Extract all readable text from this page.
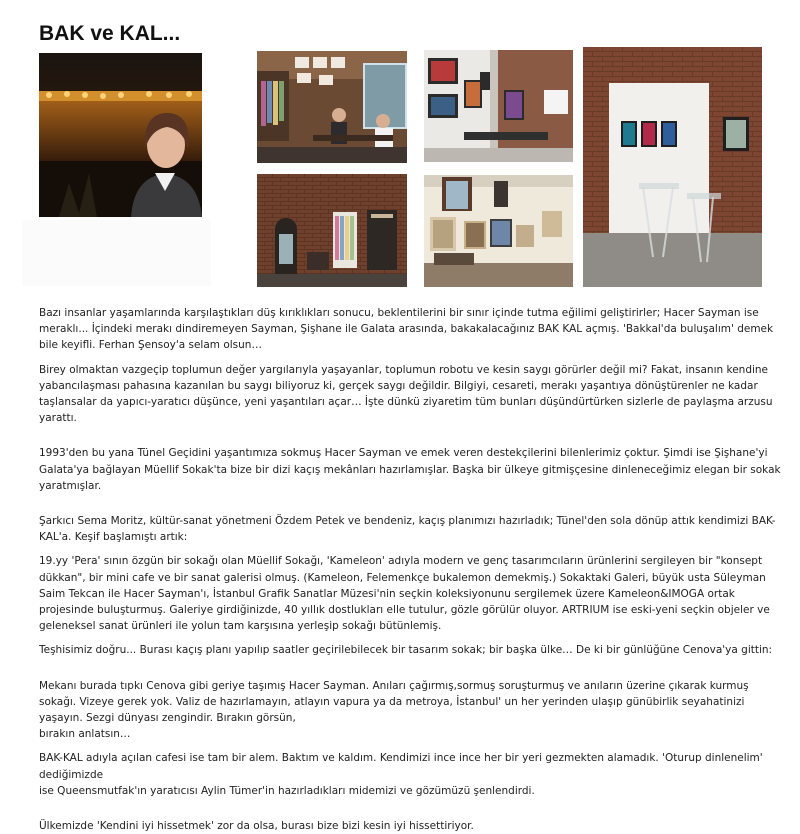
BAK ve KAL...

Bazı insanlar yaşamlarında karşılaştıkları düş kırıklıkları sonucu, beklentilerini bir sınır içinde tutma eğilimi geliştirirler; Hacer Sayman ise meraklı... İçindeki merakı dindiremeyen Sayman, Şişhane ile Galata arasında, bakakalacağınız BAK KAL açmış. 'Bakkal'da buluşalım' demek bile keyifli. Ferhan Şensoy'a selam olsun…

Birey olmaktan vazgeçip toplumun değer yargılarıyla yaşayanlar, toplumun robotu ve kesin saygı görürler değil mi? Fakat, insanın kendine yabancılaşması pahasına kazanılan bu saygı biliyoruz ki, gerçek saygı değildir. Bilgiyi, cesareti, merakı yaşantıya dönüştürenler ne kadar taşlansalar da yapıcı-yaratıcı düşünce, yeni yaşantıları açar… İşte dünkü ziyaretim tüm bunları düşündürtürken sizlerle de paylaşma arzusu yarattı.

1993'den bu yana Tünel Geçidini yaşantımıza sokmuş Hacer Sayman ve emek veren destekçilerini bilenlerimiz çoktur. Şimdi ise Şişhane'yi Galata'ya bağlayan Müellif Sokak'ta bize bir dizi kaçış mekânları hazırlamışlar. Başka bir ülkeye gitmişçesine dinleneceğimiz elegan bir sokak yaratmışlar.

Şarkıcı Sema Moritz, kültür-sanat yönetmeni Özdem Petek ve bendeniz, kaçış planımızı hazırladık; Tünel'den sola dönüp attık kendimizi BAK-KAL'a. Keşif başlamıştı artık:

19.yy 'Pera' sının özgün bir sokağı olan Müellif Sokağı, 'Kameleon' adıyla modern ve genç tasarımcıların ürünlerini sergileyen bir "konsept dükkan", bir mini cafe ve bir sanat galerisi olmuş. (Kameleon, Felemenkçe bukalemon demekmiş.) Sokaktaki Galeri, büyük usta Süleyman Saim Tekcan ile Hacer Sayman'ı, İstanbul Grafik Sanatlar Müzesi'nin seçkin koleksiyonunu sergilemek üzere Kameleon&IMOGA ortak projesinde buluşturmuş. Galeriye girdiğinizde, 40 yıllık dostlukları elle tutulur, gözle görülür oluyor. ARTRIUM ise eski-yeni seçkin objeler ve geleneksel sanat ürünleri ile yolun tam karşısına yerleşip sokağı bütünlemiş.

Teşhisimiz doğru... Burası kaçış planı yapılıp saatler geçirilebilecek bir tasarım sokak; bir başka ülke… De ki bir günlüğüne Cenova'ya gittin:

Mekanı burada tıpkı Cenova gibi geriye taşımış Hacer Sayman. Anıları çağırmış,sormuş soruşturmuş ve anıların üzerine çıkarak kurmuş sokağı. Vizeye gerek yok. Valiz de hazırlamayın, atlayın vapura ya da metroya, İstanbul' un her yerinden ulaşıp günübirlik seyahatinizi yaşayın. Sezgi dünyası zengindir. Bırakın görsün,
bırakın anlatsın…

BAK-KAL adıyla açılan cafesi ise tam bir alem. Baktım ve kaldım. Kendimizi ince ince her bir yeri gezmekten alamadık. 'Oturup dinlenelim' dediğimizde
ise Queensmutfak'ın yaratıcısı Aylin Tümer'in hazırladıkları midemizi ve gözümüzü şenlendirdi.

Ülkemizde 'Kendini iyi hissetmek' zor da olsa, burası bize bizi kesin iyi hissettiriyor.
